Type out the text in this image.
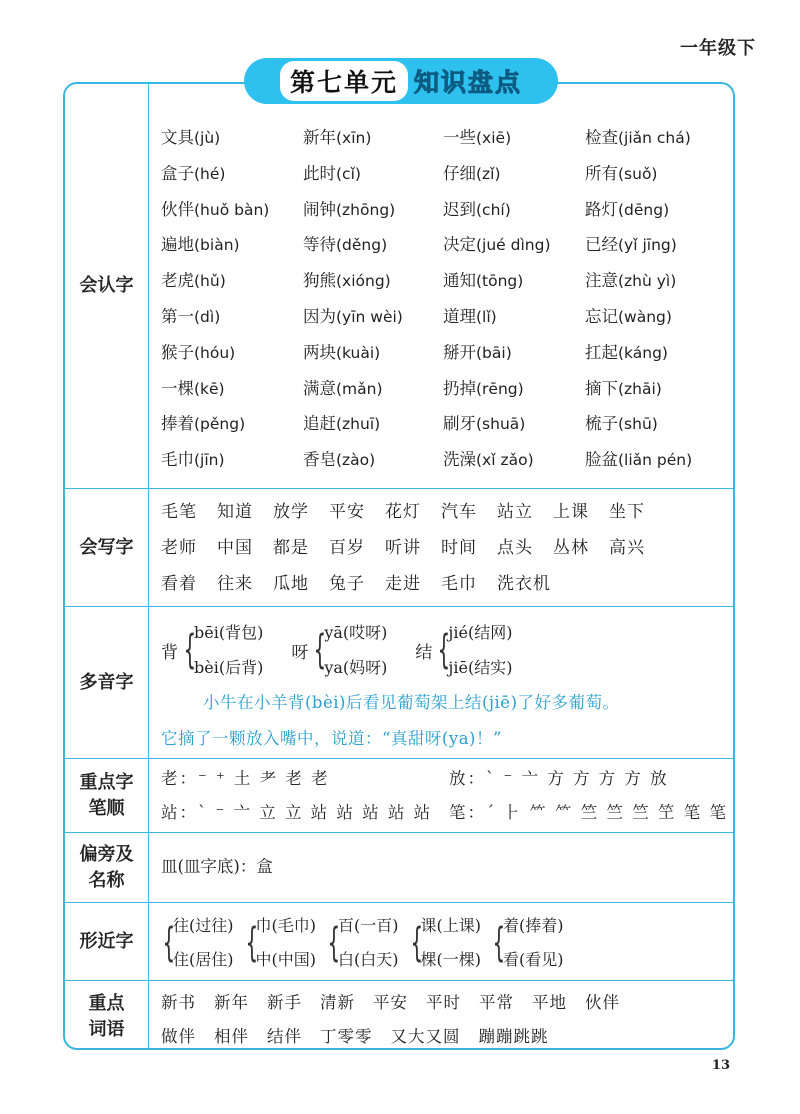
一年级下
第七单元 知识盘点
会认字
文具(jù)	新年(xīn)	一些(xiē)	检查(jiǎn chá)
盒子(hé)	此时(cǐ)	仔细(zǐ)	所有(suǒ)
伙伴(huǒ bàn)	闹钟(zhōng)	迟到(chí)	路灯(dēng)
遍地(biàn)	等待(děng)	决定(jué dìng)	已经(yǐ jīng)
老虎(hǔ)	狗熊(xióng)	通知(tōng)	注意(zhù yì)
第一(dì)	因为(yīn wèi)	道理(lǐ)	忘记(wàng)
猴子(hóu)	两块(kuài)	掰开(bāi)	扛起(káng)
一棵(kē)	满意(mǎn)	扔掉(rēng)	摘下(zhāi)
捧着(pěng)	追赶(zhuī)	刷牙(shuā)	梳子(shū)
毛巾(jīn)	香皂(zào)	洗澡(xǐ zǎo)	脸盆(liǎn pén)
会写字
毛笔 知道 放学 平安 花灯 汽车 站立 上课 坐下
老师 中国 都是 百岁 听讲 时间 点头 丛林 高兴
看着 往来 瓜地 兔子 走进 毛巾 洗衣机
多音字
背 {
bēi(背包)
bèi(后背)
呀 {
yā(哎呀)
ya(妈呀)
结 {
jié(结网)
jiē(结实)
小牛在小羊背(bèi)后看见葡萄架上结(jiē)了好多葡萄。
它摘了一颗放入嘴中，说道：“真甜呀(ya)！”
重点字
笔顺
老：⁻ ⁺ 土 耂 老 老	放：` ⁻ 亠 方 方 方 方 放
站：` ⁻ 亠 立 立 站 站 站 站 站 笔：ˊ ⺊ ⺮ ⺮ 竺 竺 竺 笁 笔 笔
偏旁及
名称
皿(皿字底)：盒
形近字 {
往(过往)
住(居住) {
巾(毛巾)
中(中国) {
百(一百)
白(白天) {
课(上课)
棵(一棵) {
着(捧着)
看(看见)
重点
词语
新书 新年 新手 清新 平安 平时 平常 平地 伙伴
做伴 相伴 结伴 丁零零 又大又圆 蹦蹦跳跳
13
